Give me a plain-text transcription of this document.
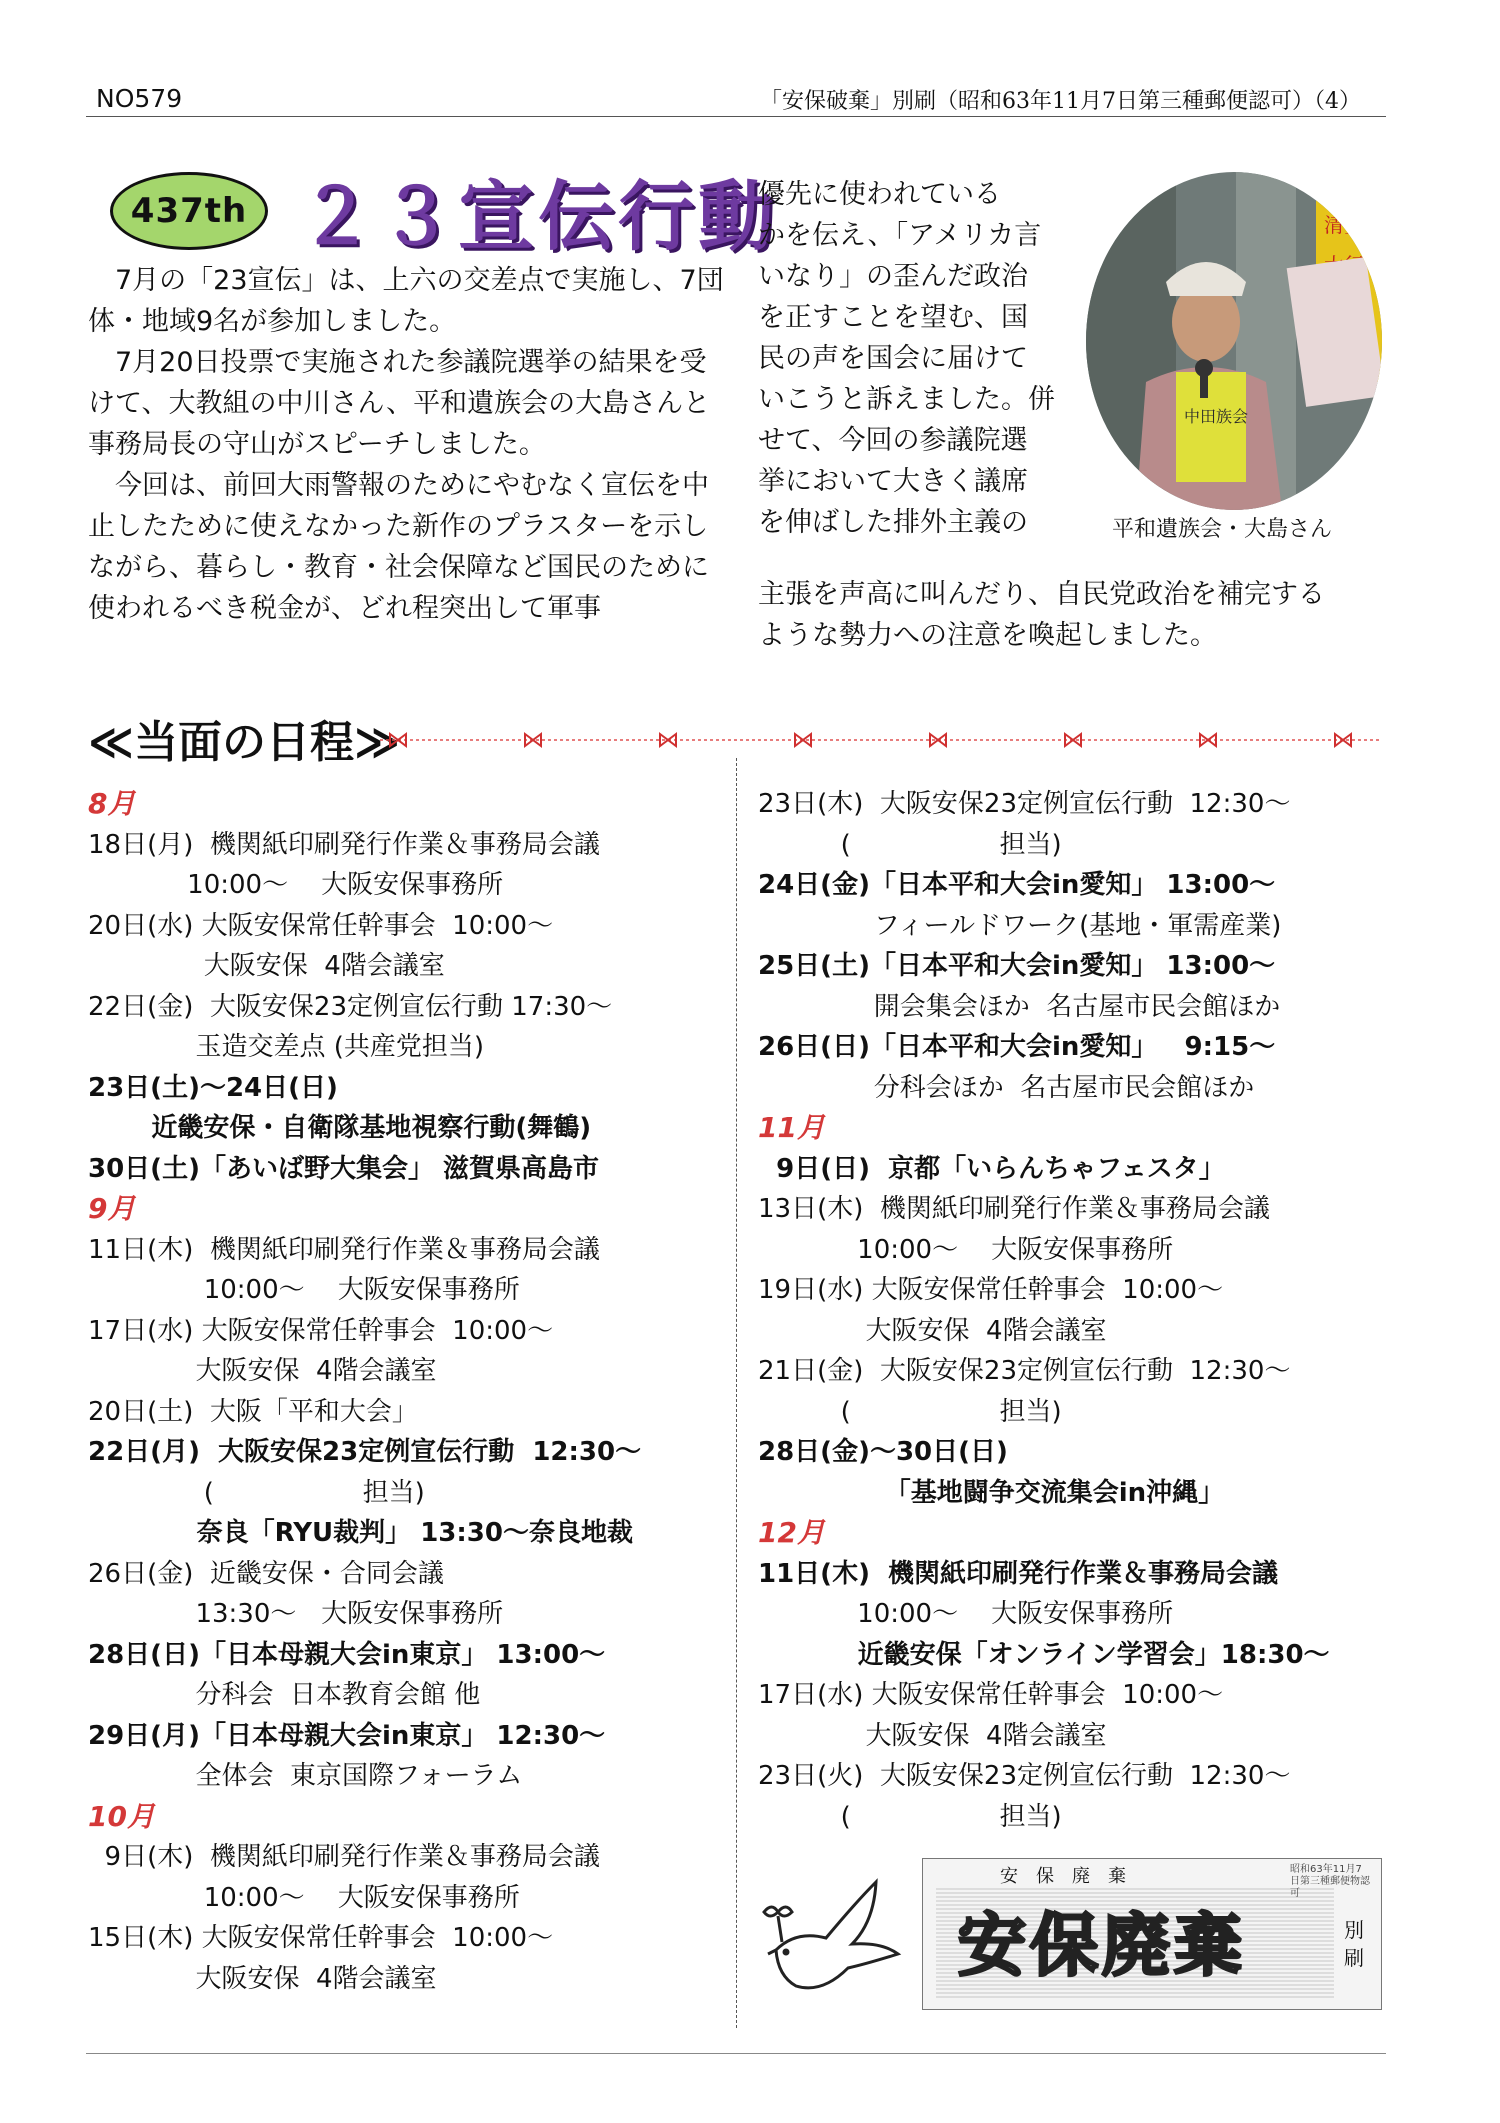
NO579	「安保破棄」別刷（昭和63年11月7日第三種郵便認可）（4）
437th ２３宣伝行動

7月の「23宣伝」は、上六の交差点で実施し、7団体・地域9名が参加しました。

7月20日投票で実施された参議院選挙の結果を受けて、大教組の中川さん、平和遺族会の大島さんと事務局長の守山がスピーチしました。

今回は、前回大雨警報のためにやむなく宣伝を中止したために使えなかった新作のプラスターを示しながら、暮らし・教育・社会保障など国民のために使われるべき税金が、どれ程突出して軍事

優先に使われている
かを伝え、「アメリカ言
いなり」の歪んだ政治
を正すことを望む、国
民の声を国会に届けて
いこうと訴えました。併
せて、今回の参議院選
挙において大きく議席
を伸ばした排外主義の
主張を声高に叫んだり、自民党政治を補完する
ような勢力への注意を喚起しました。
清委
中田族会
平和遺族会・大島さん
≪当面の日程≫
8月
18日(月)  機関紙印刷発行作業＆事務局会議
10:00～    大阪安保事務所
20日(水) 大阪安保常任幹事会  10:00～
大阪安保  4階会議室
22日(金)  大阪安保23定例宣伝行動 17:30～
玉造交差点 (共産党担当)
23日(土)～24日(日)
近畿安保・自衛隊基地視察行動(舞鶴)
30日(土)「あいば野大集会」 滋賀県高島市
9月
11日(木)  機関紙印刷発行作業＆事務局会議
10:00～    大阪安保事務所
17日(水) 大阪安保常任幹事会  10:00～
大阪安保  4階会議室
20日(土)  大阪「平和大会」
22日(月)  大阪安保23定例宣伝行動  12:30～
(                  担当)
奈良「RYU裁判」 13:30～奈良地裁
26日(金)  近畿安保・合同会議
13:30～   大阪安保事務所
28日(日)「日本母親大会in東京」 13:00～
分科会  日本教育会館 他
29日(月)「日本母親大会in東京」 12:30～
全体会  東京国際フォーラム
10月
9日(木)  機関紙印刷発行作業＆事務局会議
10:00～    大阪安保事務所
15日(木) 大阪安保常任幹事会  10:00～
大阪安保  4階会議室
23日(木)  大阪安保23定例宣伝行動  12:30～
(                  担当)
24日(金)「日本平和大会in愛知」 13:00～
フィールドワーク(基地・軍需産業)
25日(土)「日本平和大会in愛知」 13:00～
開会集会ほか  名古屋市民会館ほか
26日(日)「日本平和大会in愛知」   9:15～
分科会ほか  名古屋市民会館ほか
11月
9日(日)  京都「いらんちゃフェスタ」
13日(木)  機関紙印刷発行作業＆事務局会議
10:00～    大阪安保事務所
19日(水) 大阪安保常任幹事会  10:00～
大阪安保  4階会議室
21日(金)  大阪安保23定例宣伝行動  12:30～
(                  担当)
28日(金)～30日(日)
「基地闘争交流集会in沖縄」
12月
11日(木)  機関紙印刷発行作業＆事務局会議
10:00～    大阪安保事務所
近畿安保「オンライン学習会」18:30～
17日(水) 大阪安保常任幹事会  10:00～
大阪安保  4階会議室
23日(火)  大阪安保23定例宣伝行動  12:30～
(                  担当)
安保廃棄	昭和63年11月7日第三種郵便物認可
安保廃棄	別刷
